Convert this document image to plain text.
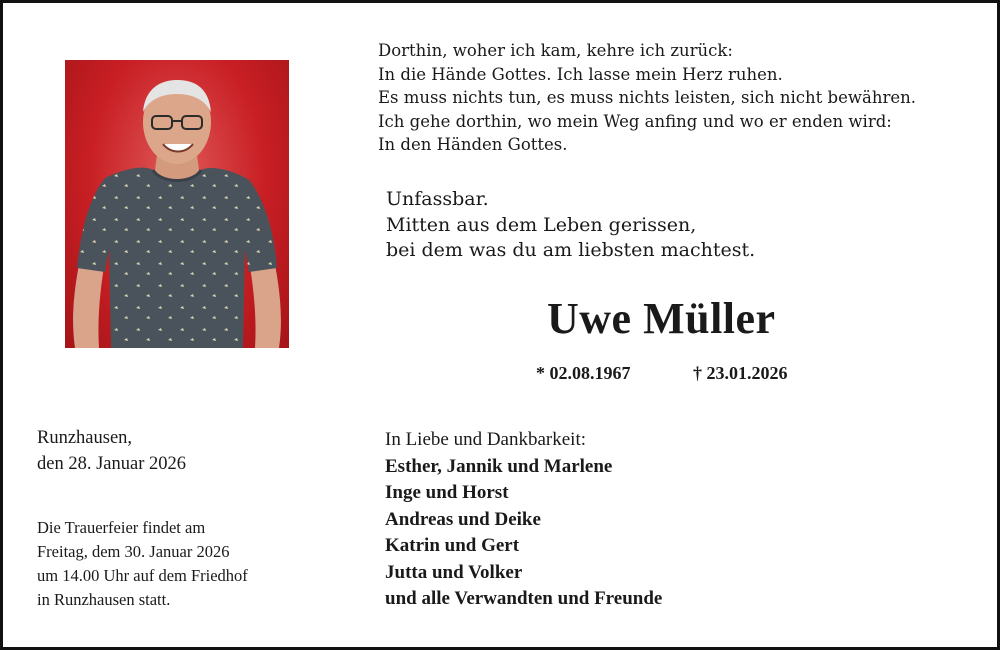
Dorthin, woher ich kam, kehre ich zurück:
In die Hände Gottes. Ich lasse mein Herz ruhen.
Es muss nichts tun, es muss nichts leisten, sich nicht bewähren.
Ich gehe dorthin, wo mein Weg anfing und wo er enden wird:
In den Händen Gottes.
Unfassbar.
Mitten aus dem Leben gerissen,
bei dem was du am liebsten machtest.
Uwe Müller
* 02.08.1967	† 23.01.2026
Runzhausen,
den 28. Januar 2026
Die Trauerfeier findet am
Freitag, dem 30. Januar 2026
um 14.00 Uhr auf dem Friedhof
in Runzhausen statt.
In Liebe und Dankbarkeit:
Esther, Jannik und Marlene
Inge und Horst
Andreas und Deike
Katrin und Gert
Jutta und Volker
und alle Verwandten und Freunde
